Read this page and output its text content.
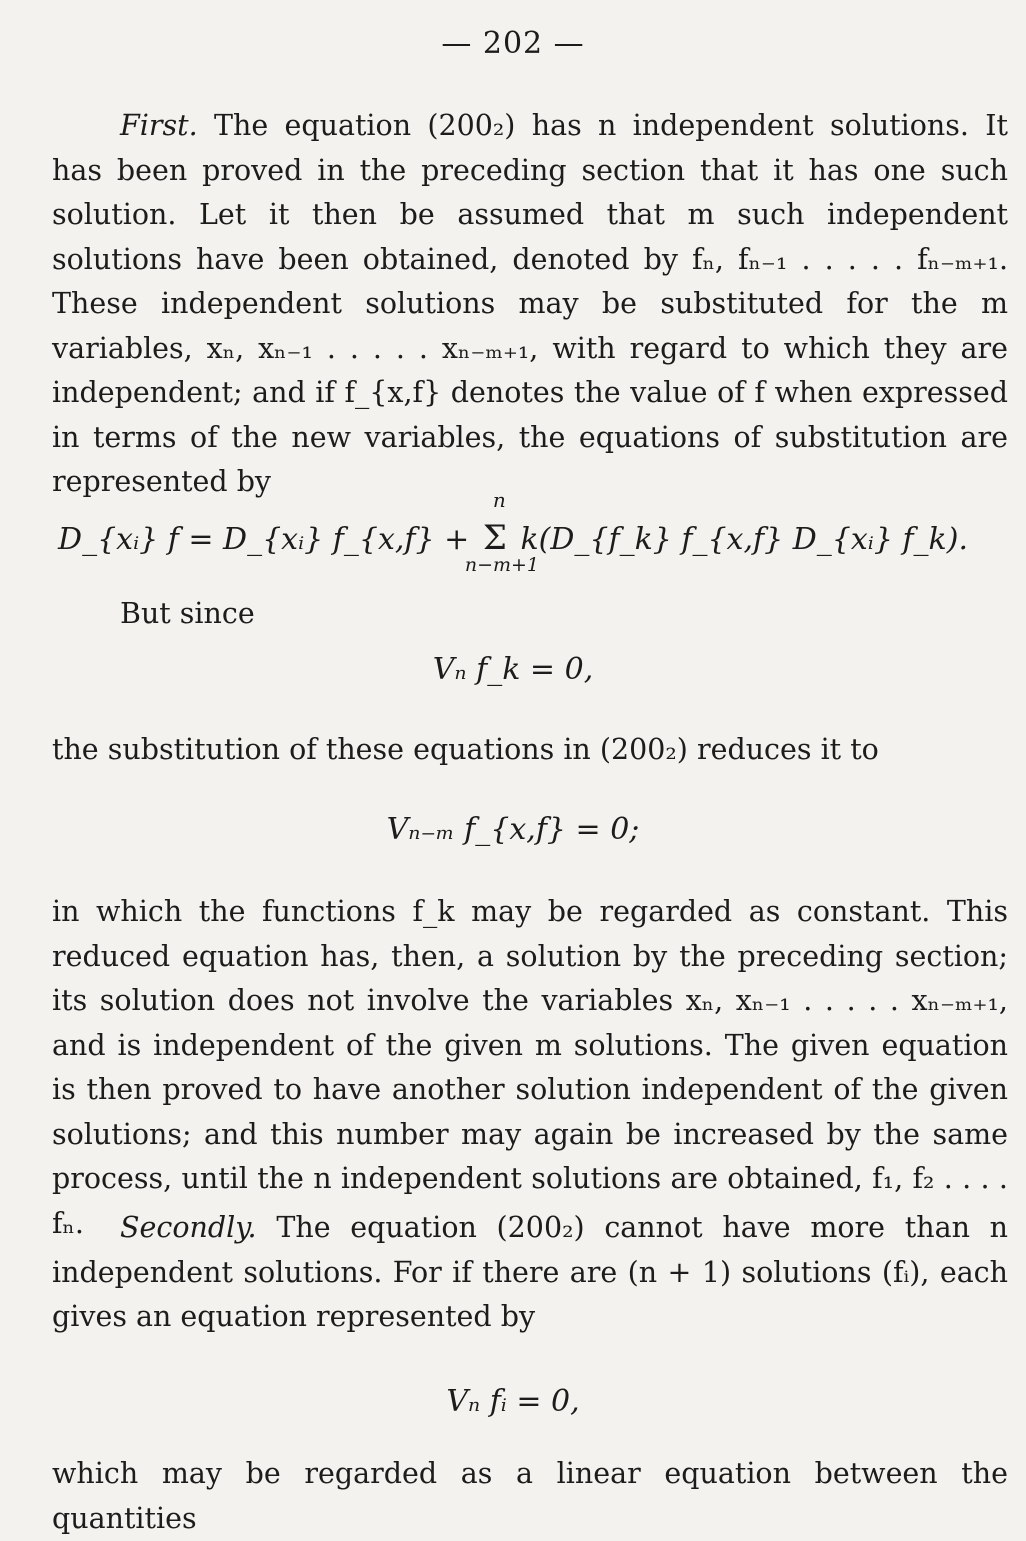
— 202 —
First. The equation (200₂) has n independent solutions. It has been proved in the preceding section that it has one such solution. Let it then be assumed that m such independent solutions have been obtained, denoted by fₙ, fₙ₋₁ . . . . . fₙ₋ₘ₊₁. These independent solutions may be substituted for the m variables, xₙ, xₙ₋₁ . . . . . xₙ₋ₘ₊₁, with regard to which they are independent; and if f_{x,f} denotes the value of f when expressed in terms of the new variables, the equations of substitution are represented by
D_{xᵢ} f = D_{xᵢ} f_{x,f} + Σ
n
n−m+1
k(D_{f_k} f_{x,f} D_{xᵢ} f_k).
But since
Vₙ f_k = 0,
the substitution of these equations in (200₂) reduces it to
Vₙ₋ₘ f_{x,f} = 0;
in which the functions f_k may be regarded as constant. This reduced equation has, then, a solution by the preceding section; its solution does not involve the variables xₙ, xₙ₋₁ . . . . . xₙ₋ₘ₊₁, and is independent of the given m solutions. The given equation is then proved to have another solution independent of the given solutions; and this number may again be increased by the same process, until the n independent solutions are obtained, f₁, f₂ . . . . fₙ.	Secondly. The equation (200₂) cannot have more than n independent solutions. For if there are (n + 1) solutions (fᵢ), each gives an equation represented by
Vₙ fᵢ = 0,
which may be regarded as a linear equation between the quantities
